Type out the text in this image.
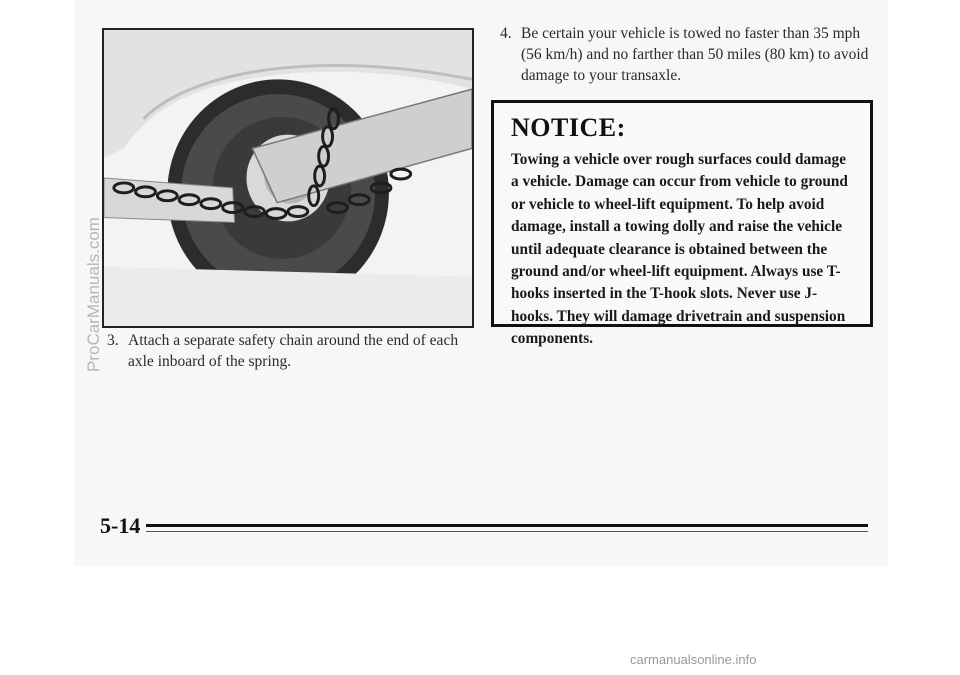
3. Attach a separate safety chain around the end of each axle inboard of the spring.
4. Be certain your vehicle is towed no faster than 35 mph (56 km/h) and no farther than 50 miles (80 km) to avoid damage to your transaxle.
NOTICE:

Towing a vehicle over rough surfaces could damage a vehicle. Damage can occur from vehicle to ground or vehicle to wheel-lift equipment. To help avoid damage, install a towing dolly and raise the vehicle until adequate clearance is obtained between the ground and/or wheel-lift equipment. Always use T-hooks inserted in the T-hook slots. Never use J-hooks. They will damage drivetrain and suspension components.

5-14
ProCarManuals.com
carmanualsonline.info
